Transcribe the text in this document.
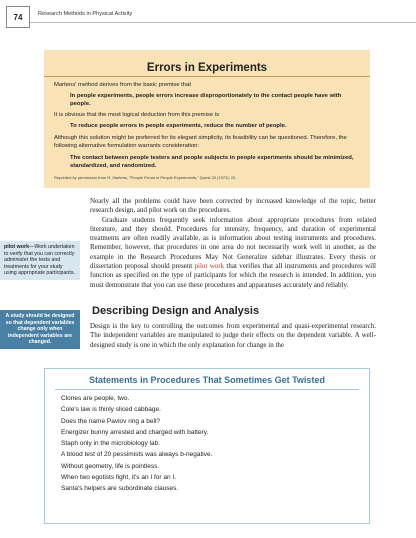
74	Research Methods in Physical Activity
Errors in Experiments

Martens' method derives from the basic premise that

In people experiments, people errors increase disproportionately to the contact people have with people.

It is obvious that the most logical deduction from this premise is

To reduce people errors in people experiments, reduce the number of people.

Although this solution might be preferred for its elegant simplicity, its feasibility can be questioned. Therefore, the following alternative formulation warrants consideration:

The contact between people testers and people subjects in people experiments should be minimized, standardized, and randomized.

Reprinted by permission from R. Martens, "People Errors in People Experiments," Quest 20 (1973): 22.

Nearly all the problems could have been corrected by increased knowledge of the topic, better research design, and pilot work on the procedures.

Graduate students frequently seek information about appropriate procedures from related literature, and they should. Procedures for intensity, frequency, and duration of experimental treatments are often readily available, as is information about testing instruments and procedures. Remember, however, that procedures in one area do not necessarily work well in another, as the example in the Research Procedures May Not Generalize sidebar illustrates. Every thesis or dissertation proposal should present pilot work that verifies that all instruments and procedures will function as specified on the type of participants for which the research is intended. In addition, you must demonstrate that you can use these procedures and apparatuses accurately and reliably.

pilot work—Work undertaken to verify that you can correctly administer the tests and treatments for your study using appropriate participants.
A study should be designed so that dependent variables change only when independent variables are changed.
Describing Design and Analysis

Design is the key to controlling the outcomes from experimental and quasi-experimental research. The independent variables are manipulated to judge their effects on the dependent variable. A well-designed study is one in which the only explanation for change in the

Statements in Procedures That Sometimes Get Twisted
Clones are people, two.
Cole's law is thinly sliced cabbage.
Does the name Pavlov ring a bell?
Energizer bunny arrested and charged with battery.
Staph only in the microbiology lab.
A blood test of 20 pessimists was always b-negative.
Without geometry, life is pointless.
When two egotists fight, it's an I for an I.
Santa's helpers are subordinate clauses.
